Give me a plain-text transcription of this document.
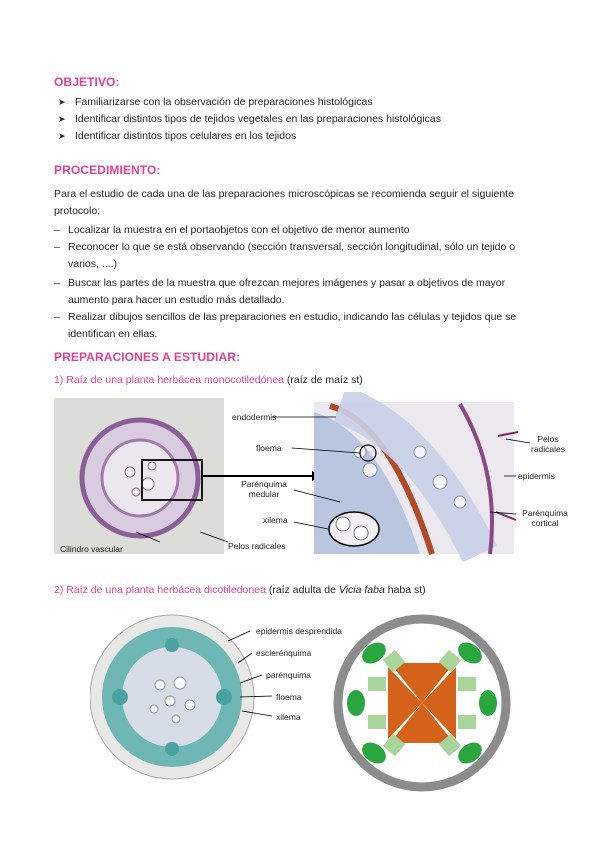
OBJETIVO:
➤ Familiarizarse con la observación de preparaciones histológicas
➤ Identificar distintos tipos de tejidos vegetales en las preparaciones histológicas
➤ Identificar distintos tipos celulares en los tejidos
PROCEDIMIENTO:
Para el estudio de cada una de las preparaciones microscópicas se recomienda seguir el siguiente protocolo:
– Localizar la muestra en el portaobjetos con el objetivo de menor aumento
– Reconocer lo que se está observando (sección transversal, sección longitudinal, sólo un tejido o varios, ....)
– Buscar las partes de la muestra que ofrezcan mejores imágenes y pasar a objetivos de mayor aumento para hacer un estudio más detallado.
– Realizar dibujos sencillos de las preparaciones en estudio, indicando las células y tejidos que se identifican en ellas.
PREPARACIONES A ESTUDIAR:
1) Raíz de una planta herbácea monocotiledónea (raíz de maíz st)
endodermis
floema
Parénquima medular
xilema
Cilindro vascular	Pelos radicales
Pelos radicales
epidermis
Parénquima cortical
2) Raíz de una planta herbácea dicotiledonea (raíz adulta de Vicia faba haba st)
epidermis desprendida
esclerénquima
parénquima
floema
xilema
